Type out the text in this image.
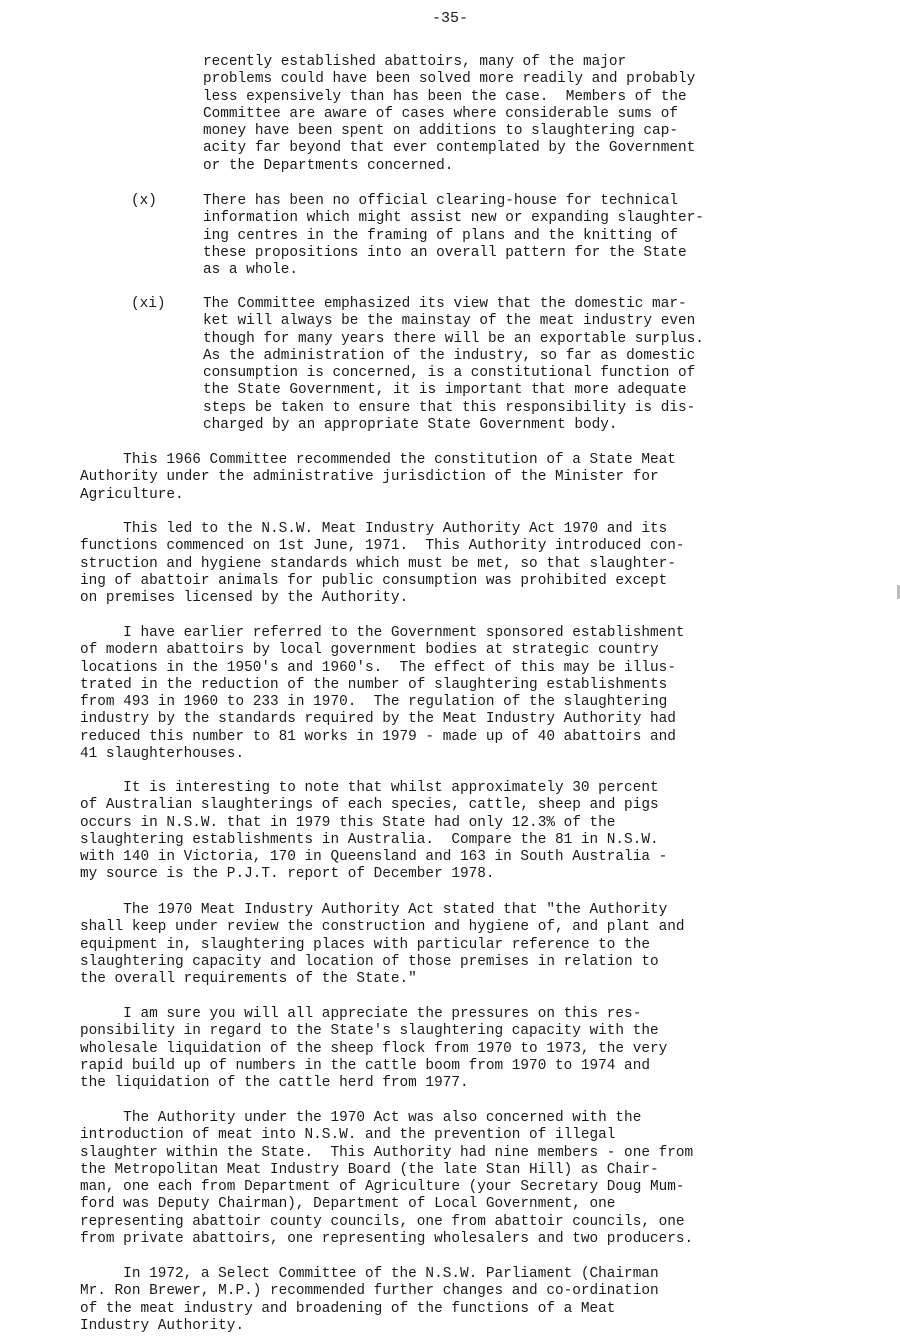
-35-
recently established abattoirs, many of the major
problems could have been solved more readily and probably
less expensively than has been the case.  Members of the
Committee are aware of cases where considerable sums of
money have been spent on additions to slaughtering cap-
acity far beyond that ever contemplated by the Government
or the Departments concerned.
(x)	There has been no official clearing-house for technical
information which might assist new or expanding slaughter-
ing centres in the framing of plans and the knitting of
these propositions into an overall pattern for the State
as a whole.
(xi)	The Committee emphasized its view that the domestic mar-
ket will always be the mainstay of the meat industry even
though for many years there will be an exportable surplus.
As the administration of the industry, so far as domestic
consumption is concerned, is a constitutional function of
the State Government, it is important that more adequate
steps be taken to ensure that this responsibility is dis-
charged by an appropriate State Government body.
This 1966 Committee recommended the constitution of a State Meat
Authority under the administrative jurisdiction of the Minister for
Agriculture.
This led to the N.S.W. Meat Industry Authority Act 1970 and its
functions commenced on 1st June, 1971.  This Authority introduced con-
struction and hygiene standards which must be met, so that slaughter-
ing of abattoir animals for public consumption was prohibited except
on premises licensed by the Authority.
I have earlier referred to the Government sponsored establishment
of modern abattoirs by local government bodies at strategic country
locations in the 1950's and 1960's.  The effect of this may be illus-
trated in the reduction of the number of slaughtering establishments
from 493 in 1960 to 233 in 1970.  The regulation of the slaughtering
industry by the standards required by the Meat Industry Authority had
reduced this number to 81 works in 1979 - made up of 40 abattoirs and
41 slaughterhouses.
It is interesting to note that whilst approximately 30 percent
of Australian slaughterings of each species, cattle, sheep and pigs
occurs in N.S.W. that in 1979 this State had only 12.3% of the
slaughtering establishments in Australia.  Compare the 81 in N.S.W.
with 140 in Victoria, 170 in Queensland and 163 in South Australia -
my source is the P.J.T. report of December 1978.
The 1970 Meat Industry Authority Act stated that "the Authority
shall keep under review the construction and hygiene of, and plant and
equipment in, slaughtering places with particular reference to the
slaughtering capacity and location of those premises in relation to
the overall requirements of the State."
I am sure you will all appreciate the pressures on this res-
ponsibility in regard to the State's slaughtering capacity with the
wholesale liquidation of the sheep flock from 1970 to 1973, the very
rapid build up of numbers in the cattle boom from 1970 to 1974 and
the liquidation of the cattle herd from 1977.
The Authority under the 1970 Act was also concerned with the
introduction of meat into N.S.W. and the prevention of illegal
slaughter within the State.  This Authority had nine members - one from
the Metropolitan Meat Industry Board (the late Stan Hill) as Chair-
man, one each from Department of Agriculture (your Secretary Doug Mum-
ford was Deputy Chairman), Department of Local Government, one
representing abattoir county councils, one from abattoir councils, one
from private abattoirs, one representing wholesalers and two producers.
In 1972, a Select Committee of the N.S.W. Parliament (Chairman
Mr. Ron Brewer, M.P.) recommended further changes and co-ordination
of the meat industry and broadening of the functions of a Meat
Industry Authority.
